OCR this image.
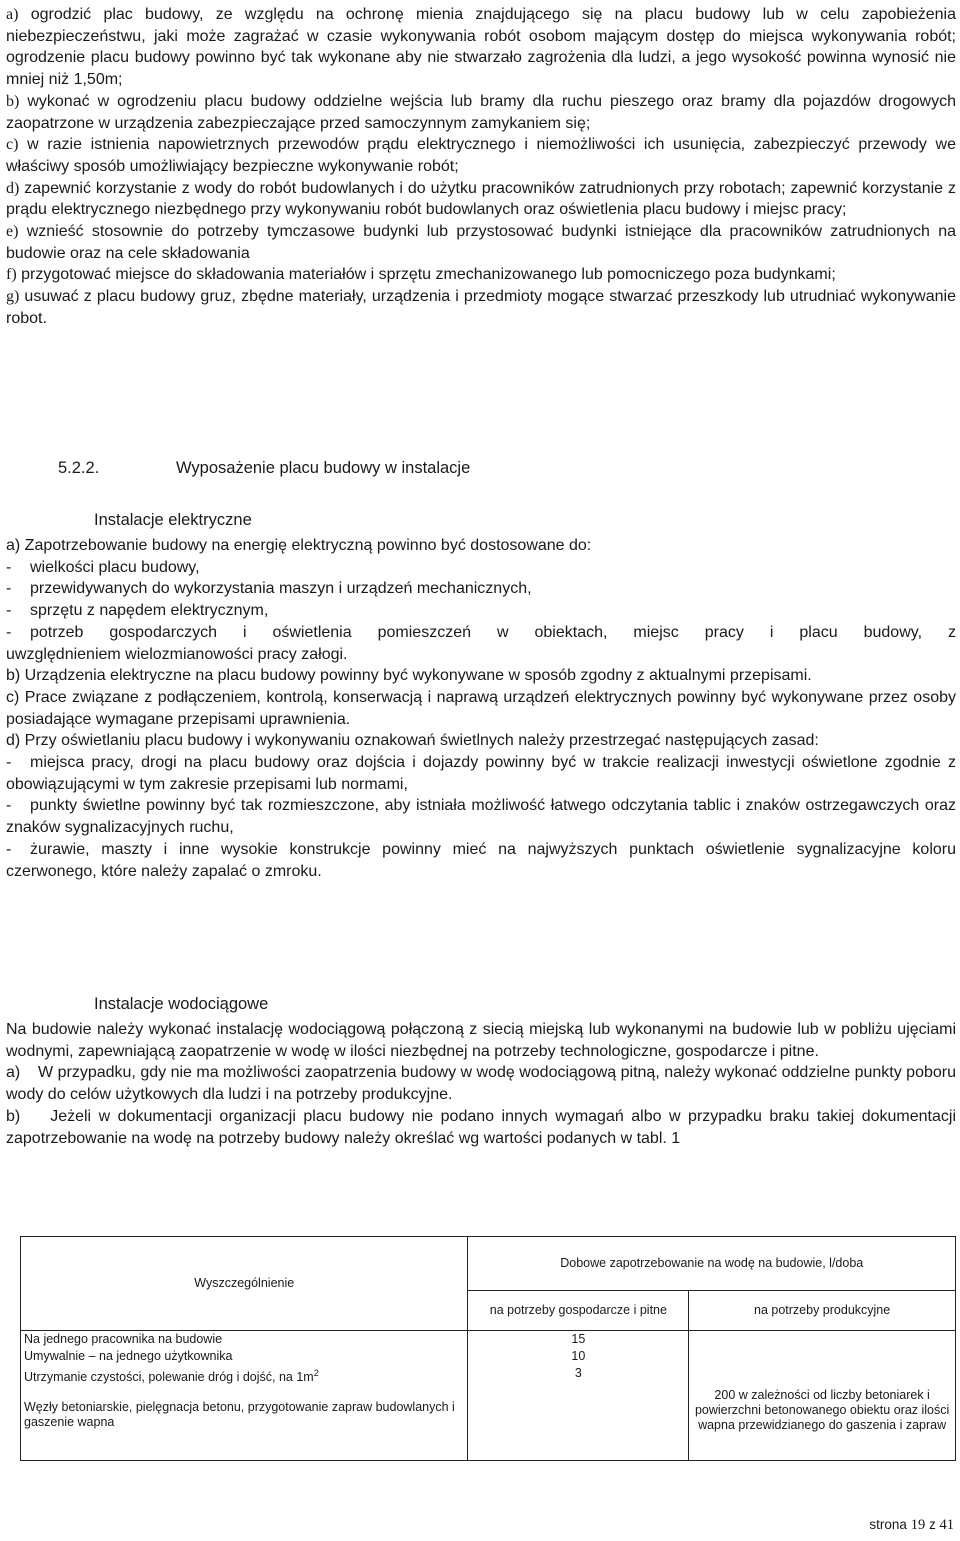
a) ogrodzić plac budowy, ze względu na ochronę mienia znajdującego się na placu budowy lub w celu zapobieżenia niebezpieczeństwu, jaki może zagrażać w czasie wykonywania robót osobom mającym dostęp do miejsca wykonywania robót; ogrodzenie placu budowy powinno być tak wykonane aby nie stwarzało zagrożenia dla ludzi, a jego wysokość powinna wynosić nie mniej niż 1,50m;

b) wykonać w ogrodzeniu placu budowy oddzielne wejścia lub bramy dla ruchu pieszego oraz bramy dla pojazdów drogowych zaopatrzone w urządzenia zabezpieczające przed samoczynnym zamykaniem się;

c) w razie istnienia napowietrznych przewodów prądu elektrycznego i niemożliwości ich usunięcia, zabezpieczyć przewody we właściwy sposób umożliwiający bezpieczne wykonywanie robót;

d) zapewnić korzystanie z wody do robót budowlanych i do użytku pracowników zatrudnionych przy robotach; zapewnić korzystanie z prądu elektrycznego niezbędnego przy wykonywaniu robót budowlanych oraz oświetlenia placu budowy i miejsc pracy;

e) wznieść stosownie do potrzeby tymczasowe budynki lub przystosować budynki istniejące dla pracowników zatrudnionych na budowie oraz na cele składowania

f) przygotować miejsce do składowania materiałów i sprzętu zmechanizowanego lub pomocniczego poza budynkami;

g) usuwać z placu budowy gruz, zbędne materiały, urządzenia i przedmioty mogące stwarzać przeszkody lub utrudniać wykonywanie robot.

5.2.2.	Wyposażenie placu budowy w instalacje
Instalacje elektryczne

a) Zapotrzebowanie budowy na energię elektryczną powinno być dostosowane do:

- wielkości placu budowy,

- przewidywanych do wykorzystania maszyn i urządzeń mechanicznych,

- sprzętu z napędem elektrycznym,

- potrzeb gospodarczych i oświetlenia pomieszczeń w obiektach, miejsc pracy i placu budowy, z

uwzględnieniem wielozmianowości pracy załogi.

b) Urządzenia elektryczne na placu budowy powinny być wykonywane w sposób zgodny z aktualnymi przepisami.

c) Prace związane z podłączeniem, kontrolą, konserwacją i naprawą urządzeń elektrycznych powinny być wykonywane przez osoby posiadające wymagane przepisami uprawnienia.

d) Przy oświetlaniu placu budowy i wykonywaniu oznakowań świetlnych należy przestrzegać następujących zasad:

- miejsca pracy, drogi na placu budowy oraz dojścia i dojazdy powinny być w trakcie realizacji inwestycji oświetlone zgodnie z obowiązującymi w tym zakresie przepisami lub normami,

- punkty świetlne powinny być tak rozmieszczone, aby istniała możliwość łatwego odczytania tablic i znaków ostrzegawczych oraz znaków sygnalizacyjnych ruchu,

- żurawie, maszty i inne wysokie konstrukcje powinny mieć na najwyższych punktach oświetlenie sygnalizacyjne koloru czerwonego, które należy zapalać o zmroku.

Instalacje wodociągowe

Na budowie należy wykonać instalację wodociągową połączoną z siecią miejską lub wykonanymi na budowie lub w pobliżu ujęciami wodnymi, zapewniającą zaopatrzenie w wodę w ilości niezbędnej na potrzeby technologiczne, gospodarcze i pitne.

a)    W przypadku, gdy nie ma możliwości zaopatrzenia budowy w wodę wodociągową pitną, należy wykonać oddzielne punkty poboru wody do celów użytkowych dla ludzi i na potrzeby produkcyjne.

b)    Jeżeli w dokumentacji organizacji placu budowy nie podano innych wymagań albo w przypadku braku takiej dokumentacji zapotrzebowanie na wodę na potrzeby budowy należy określać wg wartości podanych w tabl. 1

Wyszczególnienie	Dobowe zapotrzebowanie na wodę na budowie, l/doba	
	na potrzeby gospodarcze i pitne	na potrzeby produkcyjne
Na jednego pracownika na budowie	15	
Umywalnie – na jednego użytkownika	10	
Utrzymanie czystości, polewanie dróg i dojść, na $1m^2$	3	
Węzły betoniarskie, pielęgnacja betonu, przygotowanie zapraw budowlanych i gaszenie wapna		200 w zależności od liczby betoniarek i powierzchni betonowanego obiektu oraz ilości wapna przewidzianego do gaszenia i zapraw
strona 19 z 41
